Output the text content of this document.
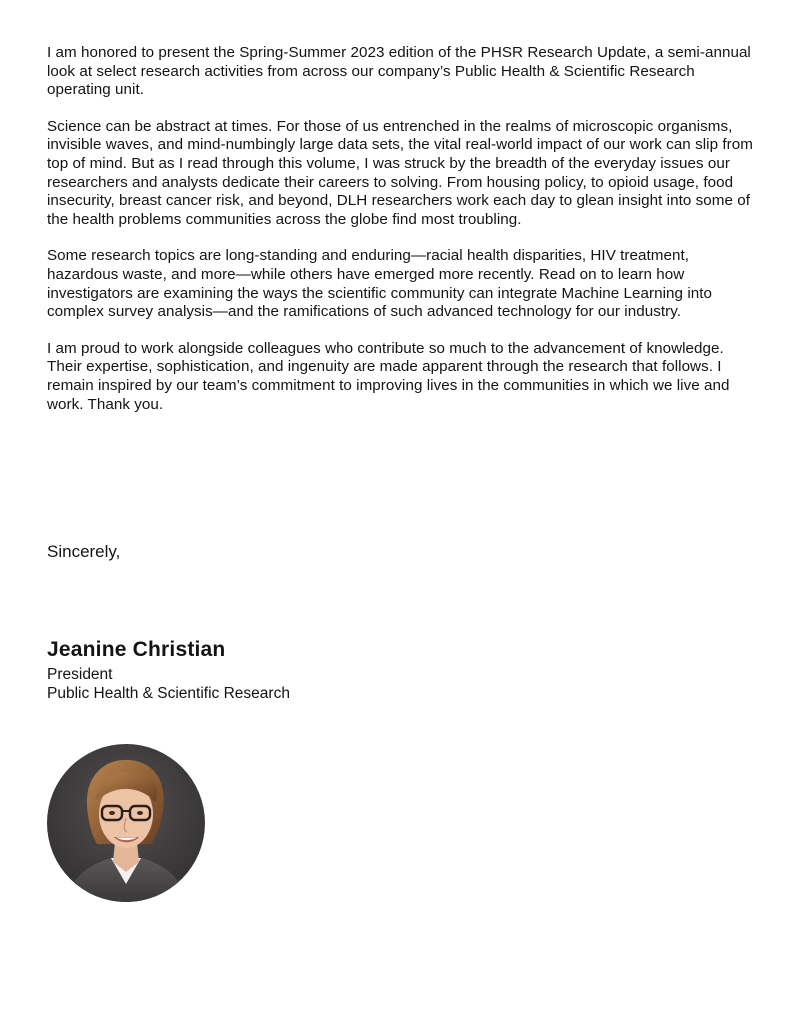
I am honored to present the Spring-Summer 2023 edition of the PHSR Research Update, a semi-annual look at select research activities from across our company’s Public Health & Scientific Research operating unit.

Science can be abstract at times. For those of us entrenched in the realms of microscopic organisms, invisible waves, and mind-numbingly large data sets, the vital real-world impact of our work can slip from top of mind. But as I read through this volume, I was struck by the breadth of the everyday issues our researchers and analysts dedicate their careers to solving. From housing policy, to opioid usage, food insecurity, breast cancer risk, and beyond, DLH researchers work each day to glean insight into some of the health problems communities across the globe find most troubling.

Some research topics are long-standing and enduring—racial health disparities, HIV treatment, hazardous waste, and more—while others have emerged more recently. Read on to learn how investigators are examining the ways the scientific community can integrate Machine Learning into complex survey analysis—and the ramifications of such advanced technology for our industry.

I am proud to work alongside colleagues who contribute so much to the advancement of knowledge. Their expertise, sophistication, and ingenuity are made apparent through the research that follows. I remain inspired by our team’s commitment to improving lives in the communities in which we live and work. Thank you.

Sincerely,

Jeanine Christian

President

Public Health & Scientific Research
